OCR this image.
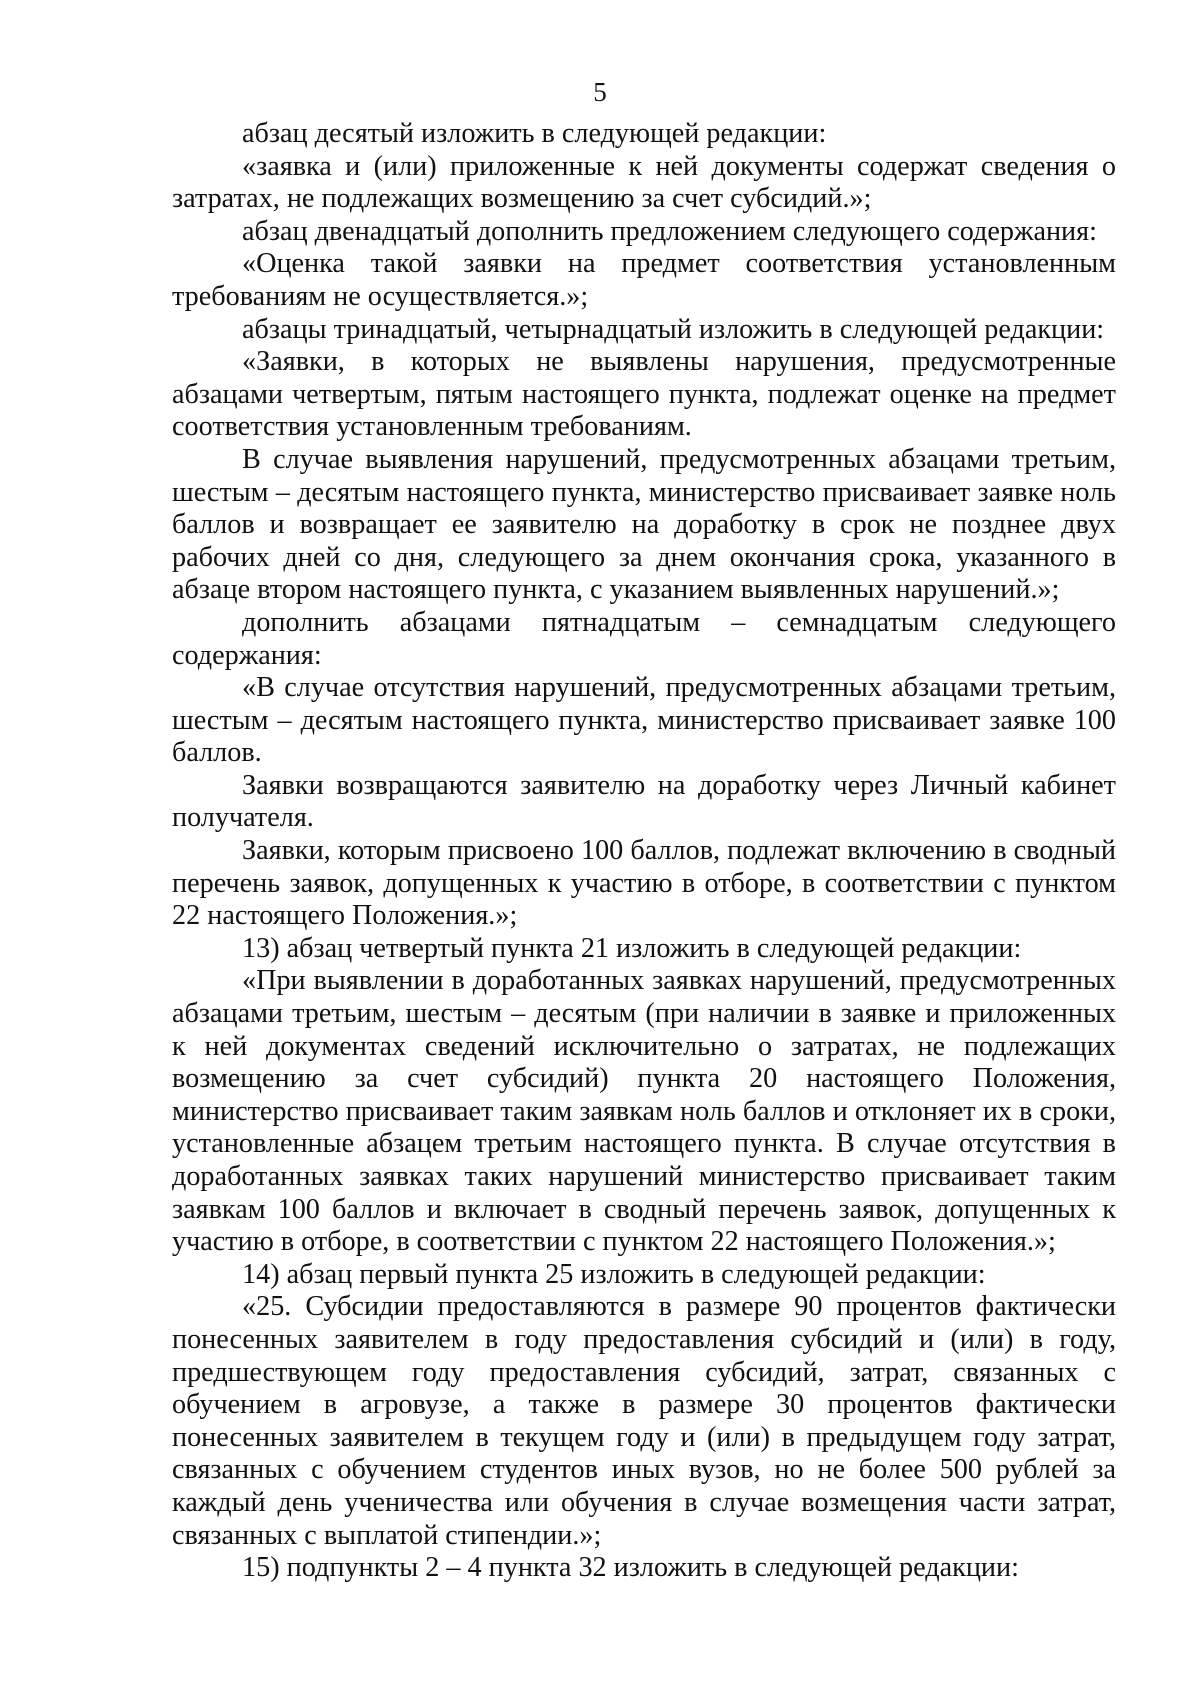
5

абзац десятый изложить в следующей редакции:

«заявка и (или) приложенные к ней документы содержат сведения о затратах, не подлежащих возмещению за счет субсидий.»;

абзац двенадцатый дополнить предложением следующего содержания:

«Оценка такой заявки на предмет соответствия установленным требованиям не осуществляется.»;

абзацы тринадцатый, четырнадцатый изложить в следующей редакции:

«Заявки, в которых не выявлены нарушения, предусмотренные абзацами четвертым, пятым настоящего пункта, подлежат оценке на предмет соответствия установленным требованиям.

В случае выявления нарушений, предусмотренных абзацами третьим, шестым – десятым настоящего пункта, министерство присваивает заявке ноль баллов и возвращает ее заявителю на доработку в срок не позднее двух рабочих дней со дня, следующего за днем окончания срока, указанного в абзаце втором настоящего пункта, с указанием выявленных нарушений.»;

дополнить абзацами пятнадцатым – семнадцатым следующего содержания:

«В случае отсутствия нарушений, предусмотренных абзацами третьим, шестым – десятым настоящего пункта, министерство присваивает заявке 100 баллов.

Заявки возвращаются заявителю на доработку через Личный кабинет получателя.

Заявки, которым присвоено 100 баллов, подлежат включению в сводный перечень заявок, допущенных к участию в отборе, в соответствии с пунктом 22 настоящего Положения.»;

13) абзац четвертый пункта 21 изложить в следующей редакции:

«При выявлении в доработанных заявках нарушений, предусмотренных абзацами третьим, шестым – десятым (при наличии в заявке и приложенных к ней документах сведений исключительно о затратах, не подлежащих возмещению за счет субсидий) пункта 20 настоящего Положения, министерство присваивает таким заявкам ноль баллов и отклоняет их в сроки, установленные абзацем третьим настоящего пункта. В случае отсутствия в доработанных заявках таких нарушений министерство присваивает таким заявкам 100 баллов и включает в сводный перечень заявок, допущенных к участию в отборе, в соответствии с пунктом 22 настоящего Положения.»;

14) абзац первый пункта 25 изложить в следующей редакции:

«25. Субсидии предоставляются в размере 90 процентов фактически понесенных заявителем в году предоставления субсидий и (или) в году, предшествующем году предоставления субсидий, затрат, связанных с обучением в агровузе, а также в размере 30 процентов фактически понесенных заявителем в текущем году и (или) в предыдущем году затрат, связанных с обучением студентов иных вузов, но не более 500 рублей за каждый день ученичества или обучения в случае возмещения части затрат, связанных с выплатой стипендии.»;

15) подпункты 2 – 4 пункта 32 изложить в следующей редакции:
